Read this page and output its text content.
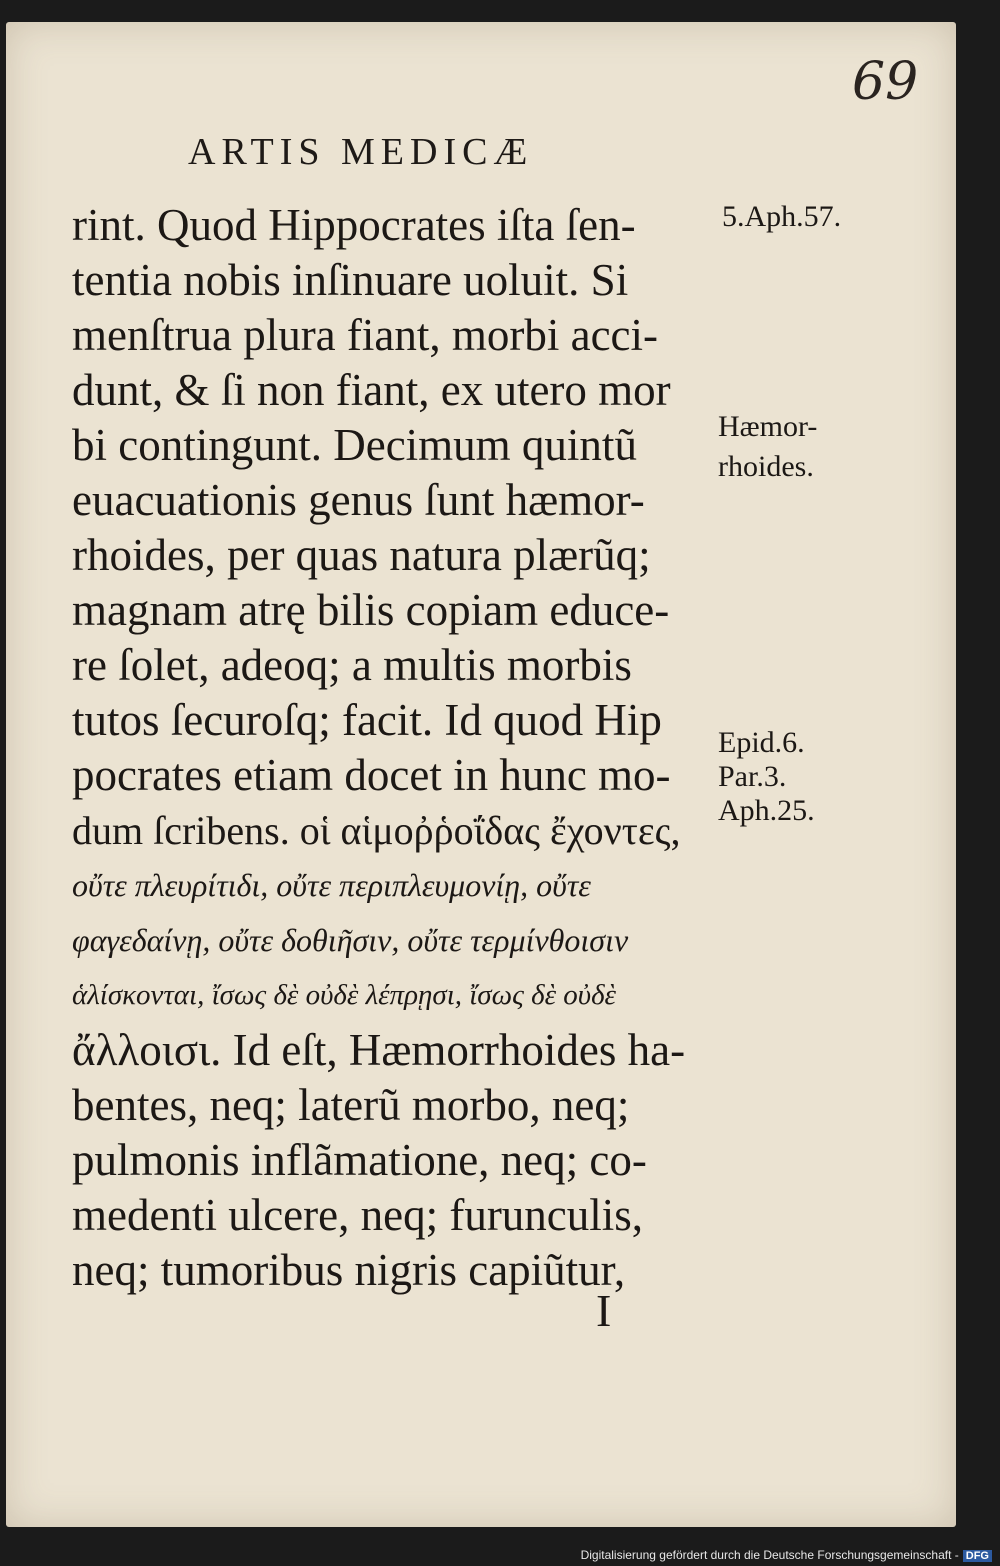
69
ARTIS MEDICÆ
rint. Quod Hippocrates iſta ſen-
tentia nobis inſinuare uoluit. Si
menſtrua plura fiant, morbi acci-
dunt, & ſi non fiant, ex utero mor
bi contingunt. Decimum quintũ
euacuationis genus ſunt hæmor-
rhoides, per quas natura plærũq;
magnam atrę bilis copiam educe-
re ſolet, adeoq; a multis morbis
tutos ſecuroſq; facit. Id quod Hip
pocrates etiam docet in hunc mo-
dum ſcribens. οἱ αἱμοῤῥοΐδας ἔχοντες,
οὔτε πλευρίτιδι, οὔτε περιπλευμονίῃ, οὔτε
φαγεδαίνῃ, οὔτε δοθιῆσιν, οὔτε τερμίνθοισιν
ἁλίσκονται, ἴσως δὲ οὐδὲ λέπρῃσι, ἴσως δὲ οὐδὲ
ἄλλοισι. Id eſt, Hæmorrhoides ha-
bentes, neq; laterũ morbo, neq;
pulmonis inflãmatione, neq; co-
medenti ulcere, neq; furunculis,
neq; tumoribus nigris capiũtur,
5.Aph.57.
Hæmor-
rhoides.
Epid.6.
Par.3.
Aph.25.
I
Digitalisierung gefördert durch die Deutsche Forschungsgemeinschaft - DFG
